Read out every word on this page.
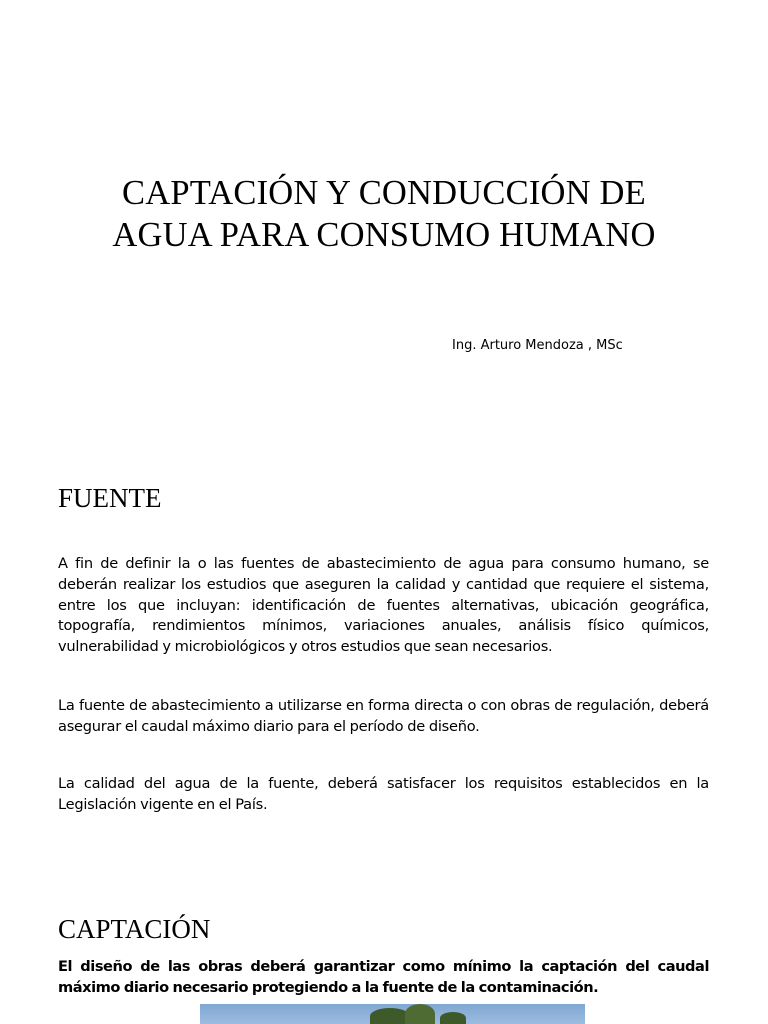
CAPTACIÓN Y CONDUCCIÓN DE AGUA PARA CONSUMO HUMANO
Ing. Arturo Mendoza , MSc
FUENTE

A fin de definir la o las fuentes de abastecimiento de agua para consumo humano, se deberán realizar los estudios que aseguren la calidad y cantidad que requiere el sistema, entre los que incluyan: identificación de fuentes alternativas, ubicación geográfica, topografía, rendimientos mínimos, variaciones anuales, análisis físico químicos, vulnerabilidad y microbiológicos y otros estudios que sean necesarios.

La fuente de abastecimiento a utilizarse en forma directa o con obras de regulación, deberá asegurar el caudal máximo diario para el período de diseño.

La calidad del agua de la fuente, deberá satisfacer los requisitos establecidos en la Legislación vigente en el País.

CAPTACIÓN

El diseño de las obras deberá garantizar como mínimo la captación del caudal máximo diario necesario protegiendo a la fuente de la contaminación.
